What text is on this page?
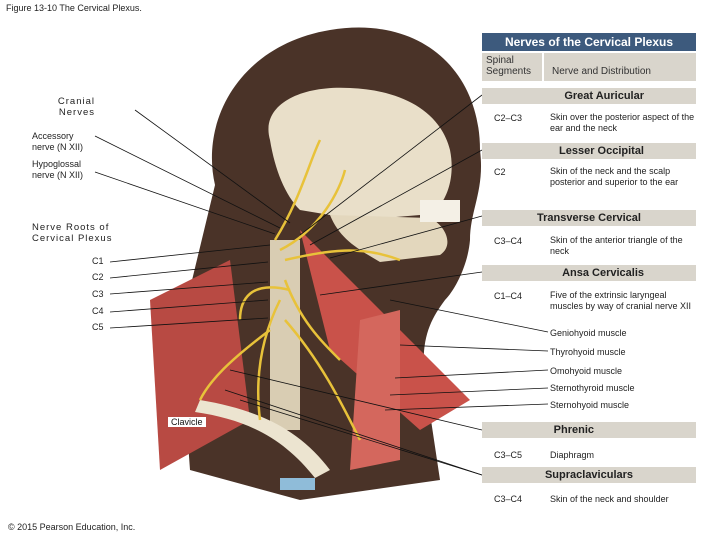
Figure 13-10 The Cervical Plexus.
Nerves of the Cervical Plexus
Spinal Segments	Nerve and Distribution
Great Auricular
C2–C3	Skin over the posterior aspect of the ear and the neck
Lesser Occipital
C2	Skin of the neck and the scalp posterior and superior to the ear
Transverse Cervical
C3–C4	Skin of the anterior triangle of the neck
Ansa Cervicalis
C1–C4	Five of the extrinsic laryngeal muscles by way of cranial nerve XII
Geniohyoid muscle
Thyrohyoid muscle
Omohyoid muscle
Sternothyroid muscle
Sternohyoid muscle
Phrenic
C3–C5	Diaphragm
Supraclaviculars
C3–C4	Skin of the neck and shoulder
Cranial Nerves
Accessory nerve (N XII)
Hypoglossal nerve (N XII)
Nerve Roots of Cervical Plexus
C1
C2
C3
C4
C5
Clavicle
© 2015 Pearson Education, Inc.
